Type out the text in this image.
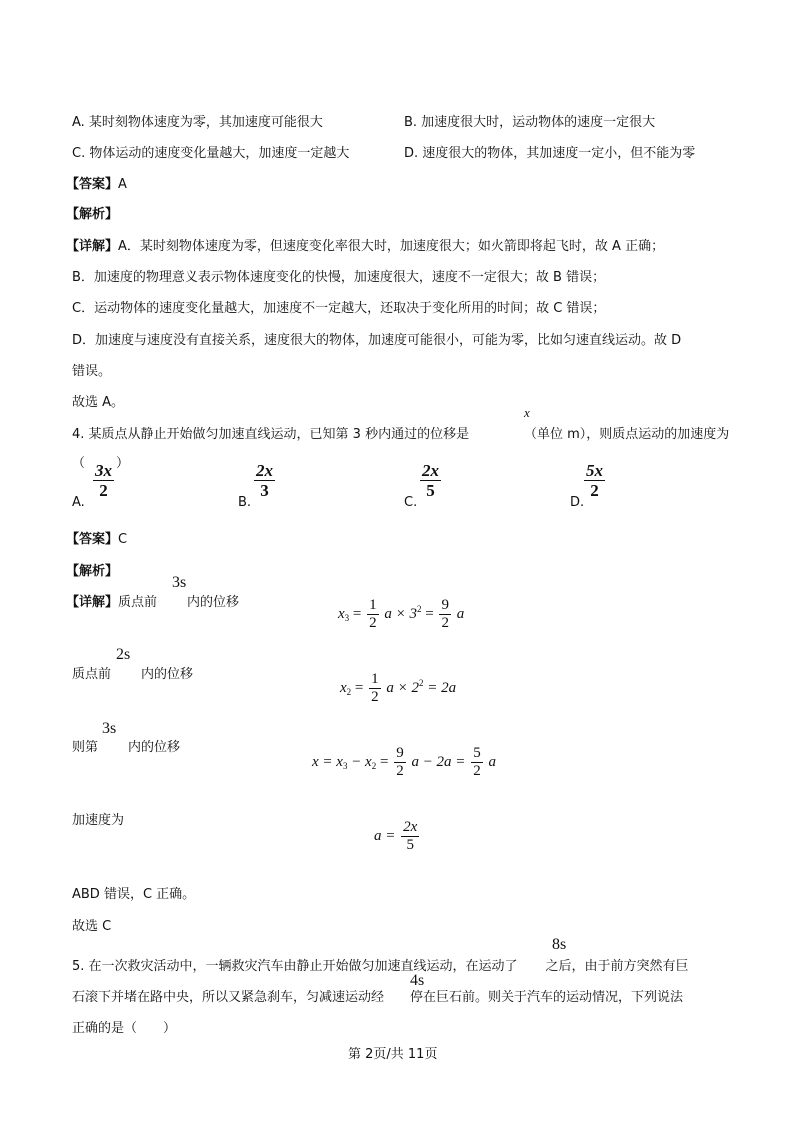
A. 某时刻物体速度为零，其加速度可能很大	B. 加速度很大时，运动物体的速度一定很大
C. 物体运动的速度变化量越大，加速度一定越大	D. 速度很大的物体，其加速度一定小，但不能为零
【答案】A
【解析】
【详解】A．某时刻物体速度为零，但速度变化率很大时，加速度很大；如火箭即将起飞时，故 A 正确；
B．加速度的物理意义表示物体速度变化的快慢，加速度很大，速度不一定很大；故 B 错误；
C．运动物体的速度变化量越大，加速度不一定越大，还取决于变化所用的时间；故 C 错误；
D．加速度与速度没有直接关系，速度很大的物体，加速度可能很小，可能为零，比如匀速直线运动。故 D
错误。
故选 A。
4. 某质点从静止开始做匀加速直线运动，已知第 3 秒内通过的位移是
x
（单位 m），则质点运动的加速度为
（ ）
A.
$\frac{3x}{2}$
B.
$\frac{2x}{3}$
C.
$\frac{2x}{5}$
D.
$\frac{5x}{2}$
【答案】C
【解析】
3s
【详解】质点前 内的位移
$x_3 = \frac{1}{2}$ $a \times 3^2 = \frac{9}{2}$ a
2s
质点前 内的位移
$x_2 = \frac{1}{2}$ $a \times 2^2 = 2a$
3s
则第 内的位移
$x = x_3 - x_2 = \frac{9}{2}$ $a - 2a = \frac{5}{2}$ a
加速度为
$a = \frac{2x}{5}$
ABD 错误，C 正确。
故选 C
8s
5. 在一次救灾活动中，一辆救灾汽车由静止开始做匀加速直线运动，在运动了 之后，由于前方突然有巨
4s
石滚下并堵在路中央，所以又紧急刹车，匀减速运动经 停在巨石前。则关于汽车的运动情况，下列说法
正确的是（　　）
第 2页/共 11页
